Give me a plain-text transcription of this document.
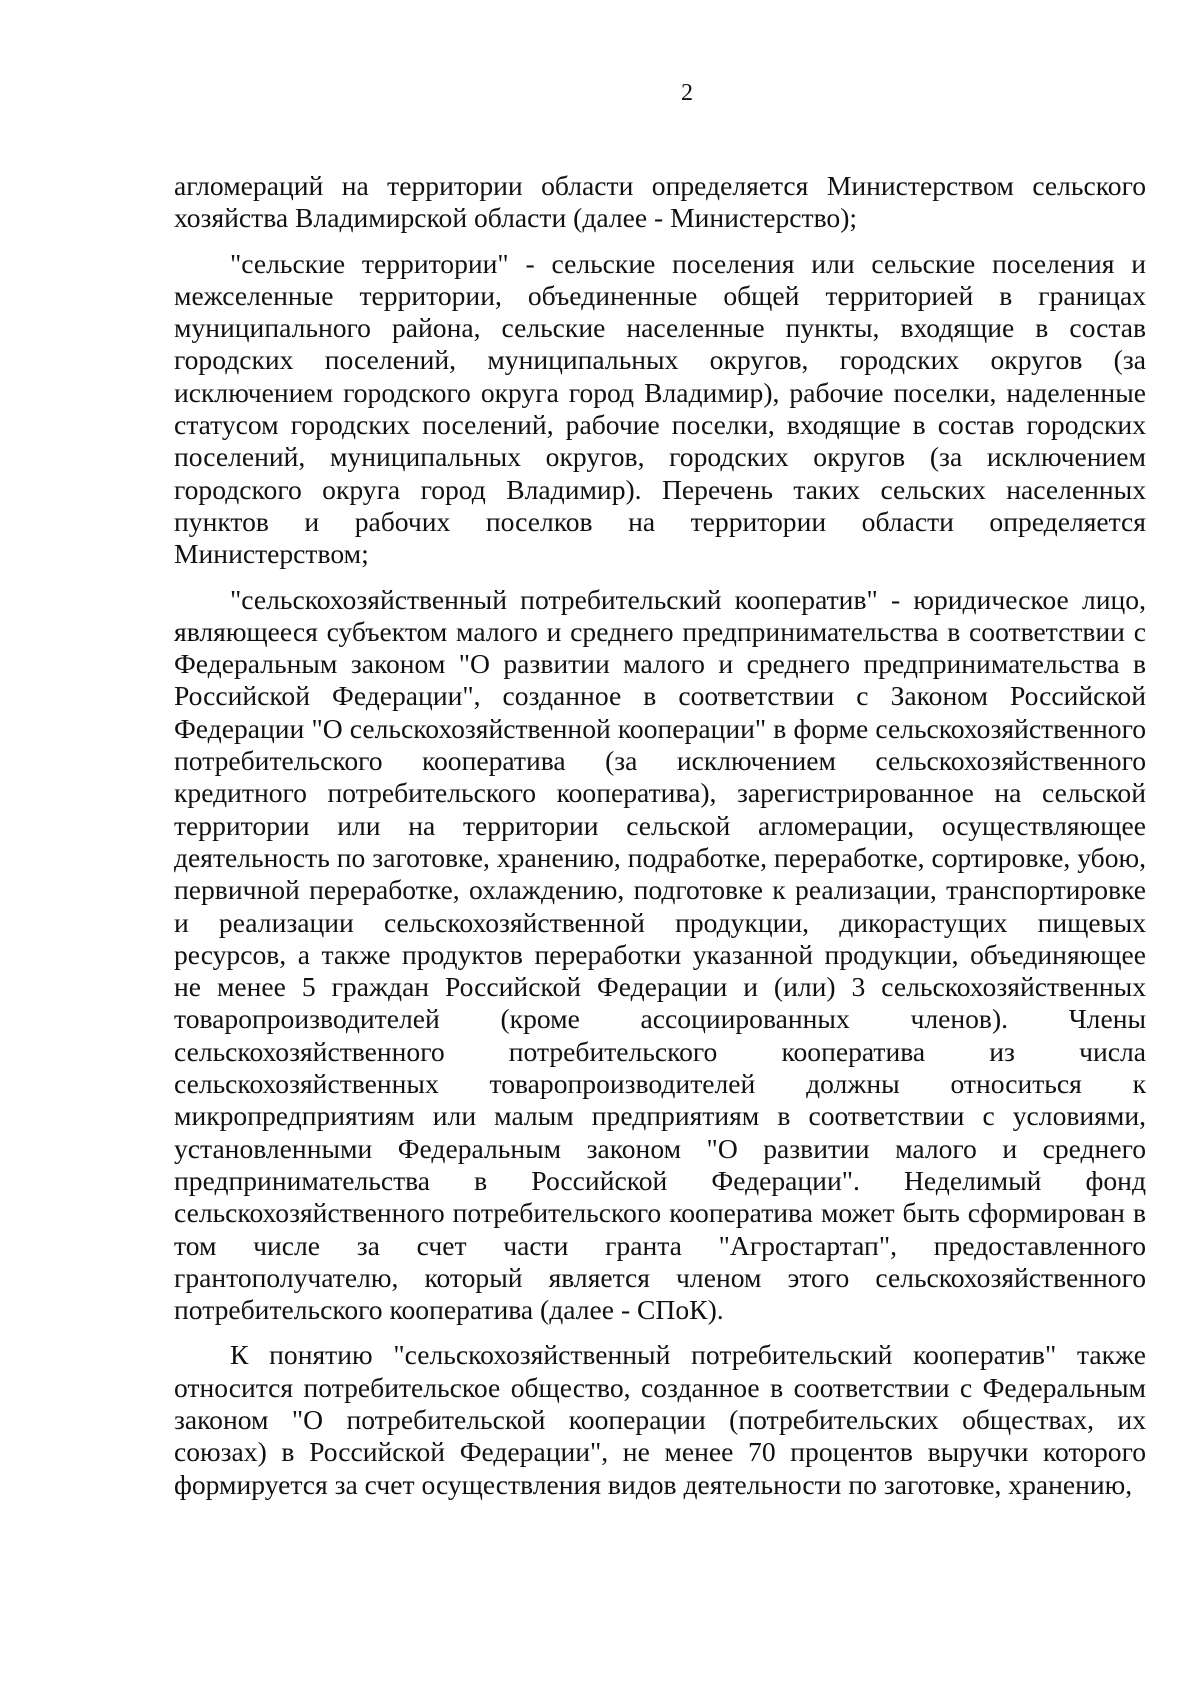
2

агломераций на территории области определяется Министерством сельского хозяйства Владимирской области (далее - Министерство);

"сельские территории" - сельские поселения или сельские поселения и межселенные территории, объединенные общей территорией в границах муниципального района, сельские населенные пункты, входящие в состав городских поселений, муниципальных округов, городских округов (за исключением городского округа город Владимир), рабочие поселки, наделенные статусом городских поселений, рабочие поселки, входящие в состав городских поселений, муниципальных округов, городских округов (за исключением городского округа город Владимир). Перечень таких сельских населенных пунктов и рабочих поселков на территории области определяется Министерством;

"сельскохозяйственный потребительский кооператив" - юридическое лицо, являющееся субъектом малого и среднего предпринимательства в соответствии с Федеральным законом "О развитии малого и среднего предпринимательства в Российской Федерации", созданное в соответствии с Законом Российской Федерации "О сельскохозяйственной кооперации" в форме сельскохозяйственного потребительского кооператива (за исключением сельскохозяйственного кредитного потребительского кооператива), зарегистрированное на сельской территории или на территории сельской агломерации, осуществляющее деятельность по заготовке, хранению, подработке, переработке, сортировке, убою, первичной переработке, охлаждению, подготовке к реализации, транспортировке и реализации сельскохозяйственной продукции, дикорастущих пищевых ресурсов, а также продуктов переработки указанной продукции, объединяющее не менее 5 граждан Российской Федерации и (или) 3 сельскохозяйственных товаропроизводителей (кроме ассоциированных членов). Члены сельскохозяйственного потребительского кооператива из числа сельскохозяйственных товаропроизводителей должны относиться к микропредприятиям или малым предприятиям в соответствии с условиями, установленными Федеральным законом "О развитии малого и среднего предпринимательства в Российской Федерации". Неделимый фонд сельскохозяйственного потребительского кооператива может быть сформирован в том числе за счет части гранта "Агростартап", предоставленного грантополучателю, который является членом этого сельскохозяйственного потребительского кооператива (далее - СПоК).

К понятию "сельскохозяйственный потребительский кооператив" также относится потребительское общество, созданное в соответствии с Федеральным законом "О потребительской кооперации (потребительских обществах, их союзах) в Российской Федерации", не менее 70 процентов выручки которого формируется за счет осуществления видов деятельности по заготовке, хранению,
